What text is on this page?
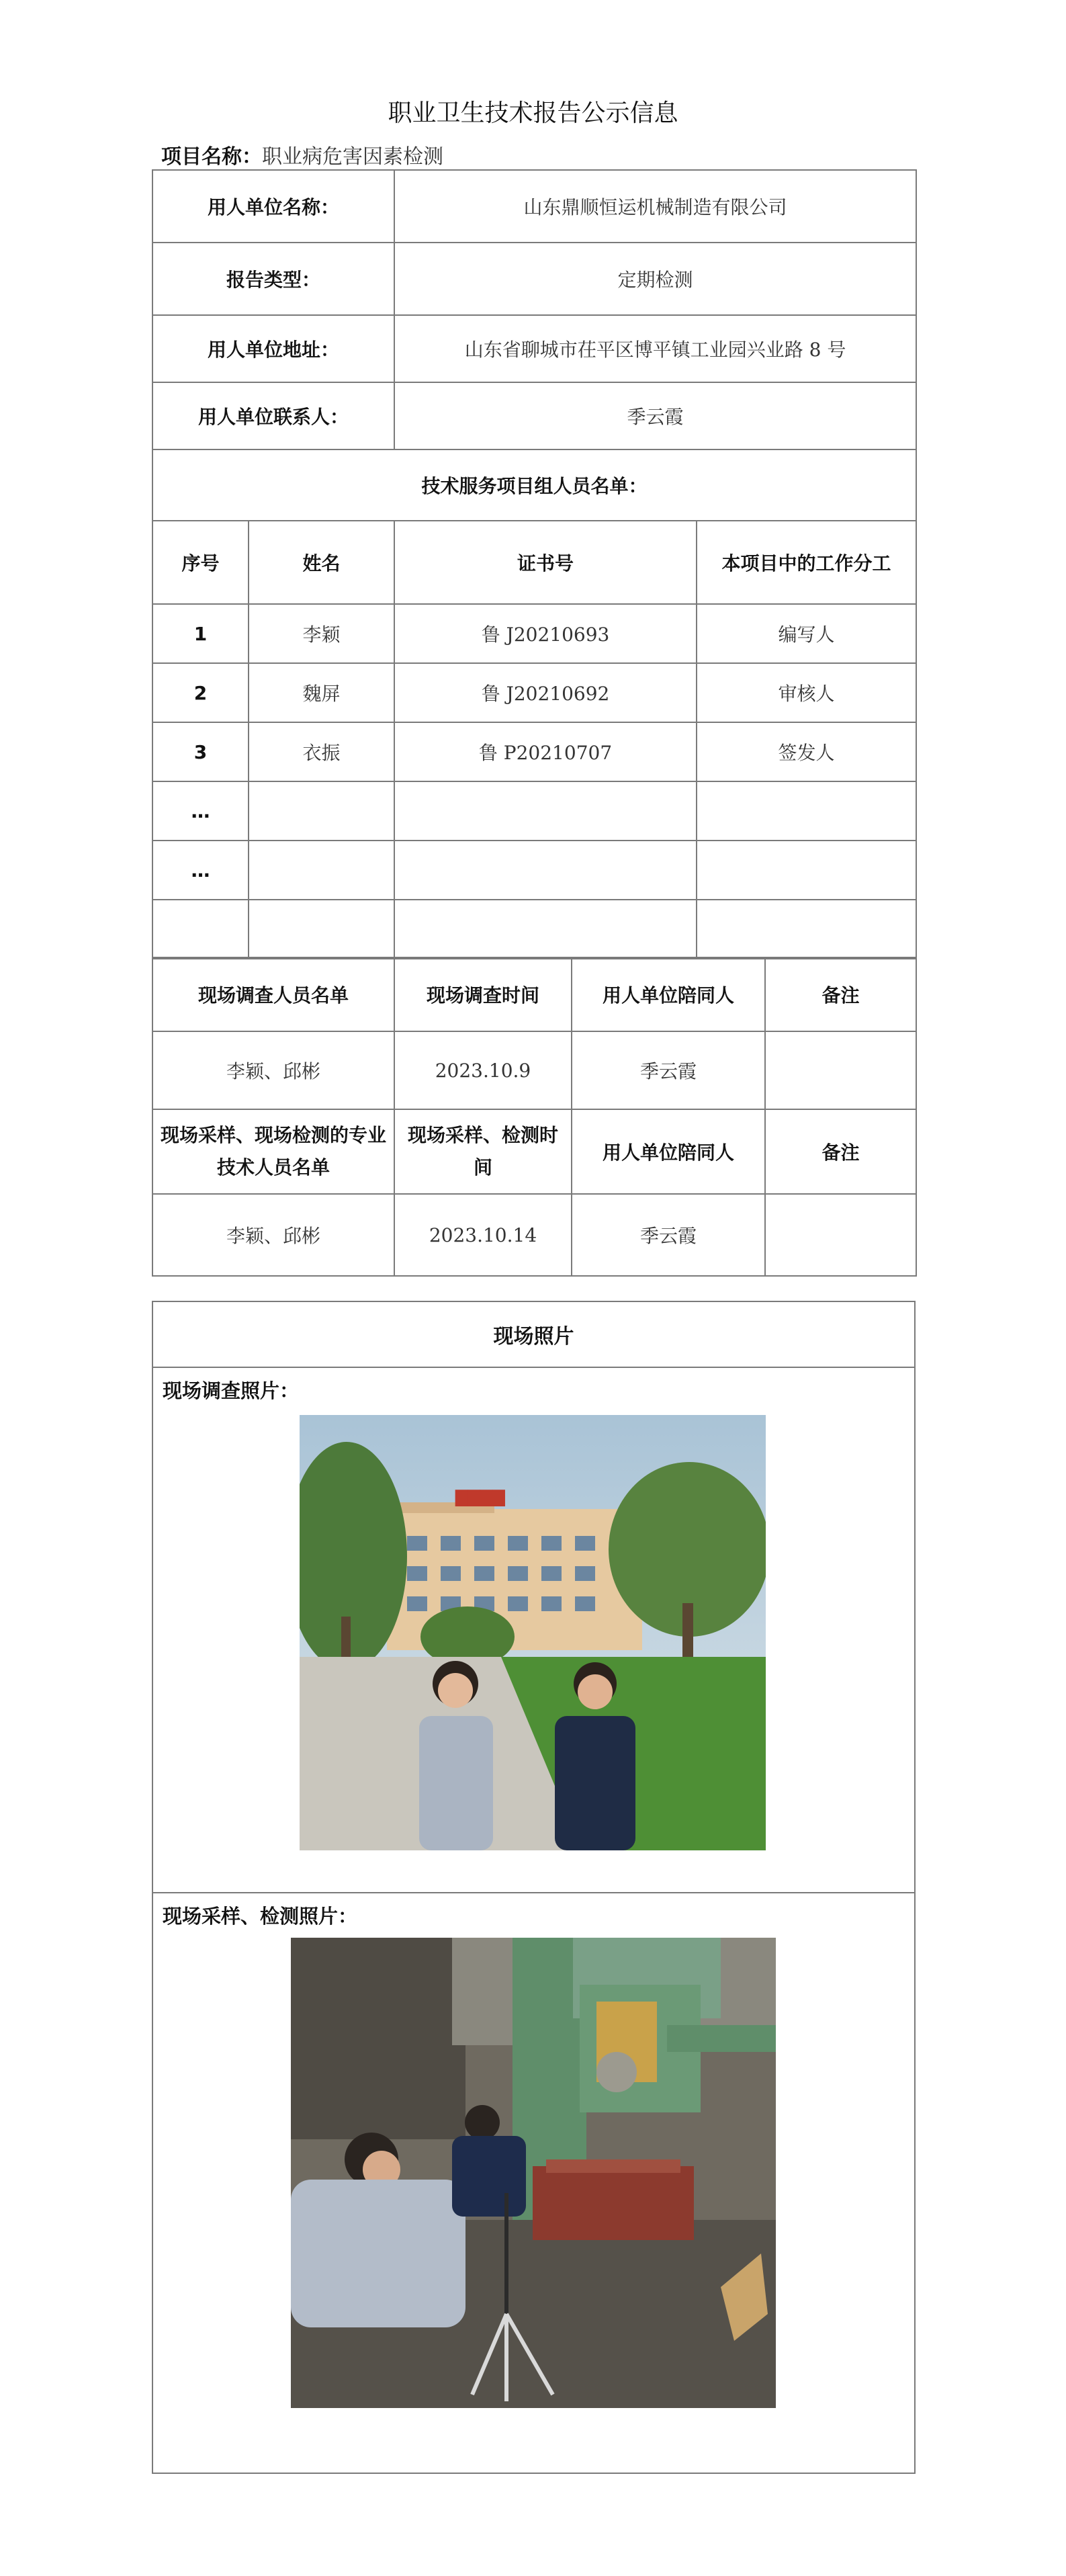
职业卫生技术报告公示信息
项目名称：职业病危害因素检测
用人单位名称：		山东鼎顺恒运机械制造有限公司	
报告类型：		定期检测	
用人单位地址：		山东省聊城市茌平区博平镇工业园兴业路 8 号	
用人单位联系人：		季云霞	
技术服务项目组人员名单：			
序号	姓名	证书号	本项目中的工作分工
1	李颖	鲁 J20210693	编写人
2	魏屏	鲁 J20210692	审核人
3	衣振	鲁 P20210707	签发人
…			
…			

现场调查人员名单	现场调查时间	用人单位陪同人	备注
李颖、邱彬	2023.10.9	季云霞	
现场采样、现场检测的专业技术人员名单	现场采样、检测时间	用人单位陪同人	备注
李颖、邱彬	2023.10.14	季云霞	
现场照片
现场调查照片：
▇▇▇▇
现场采样、检测照片：
